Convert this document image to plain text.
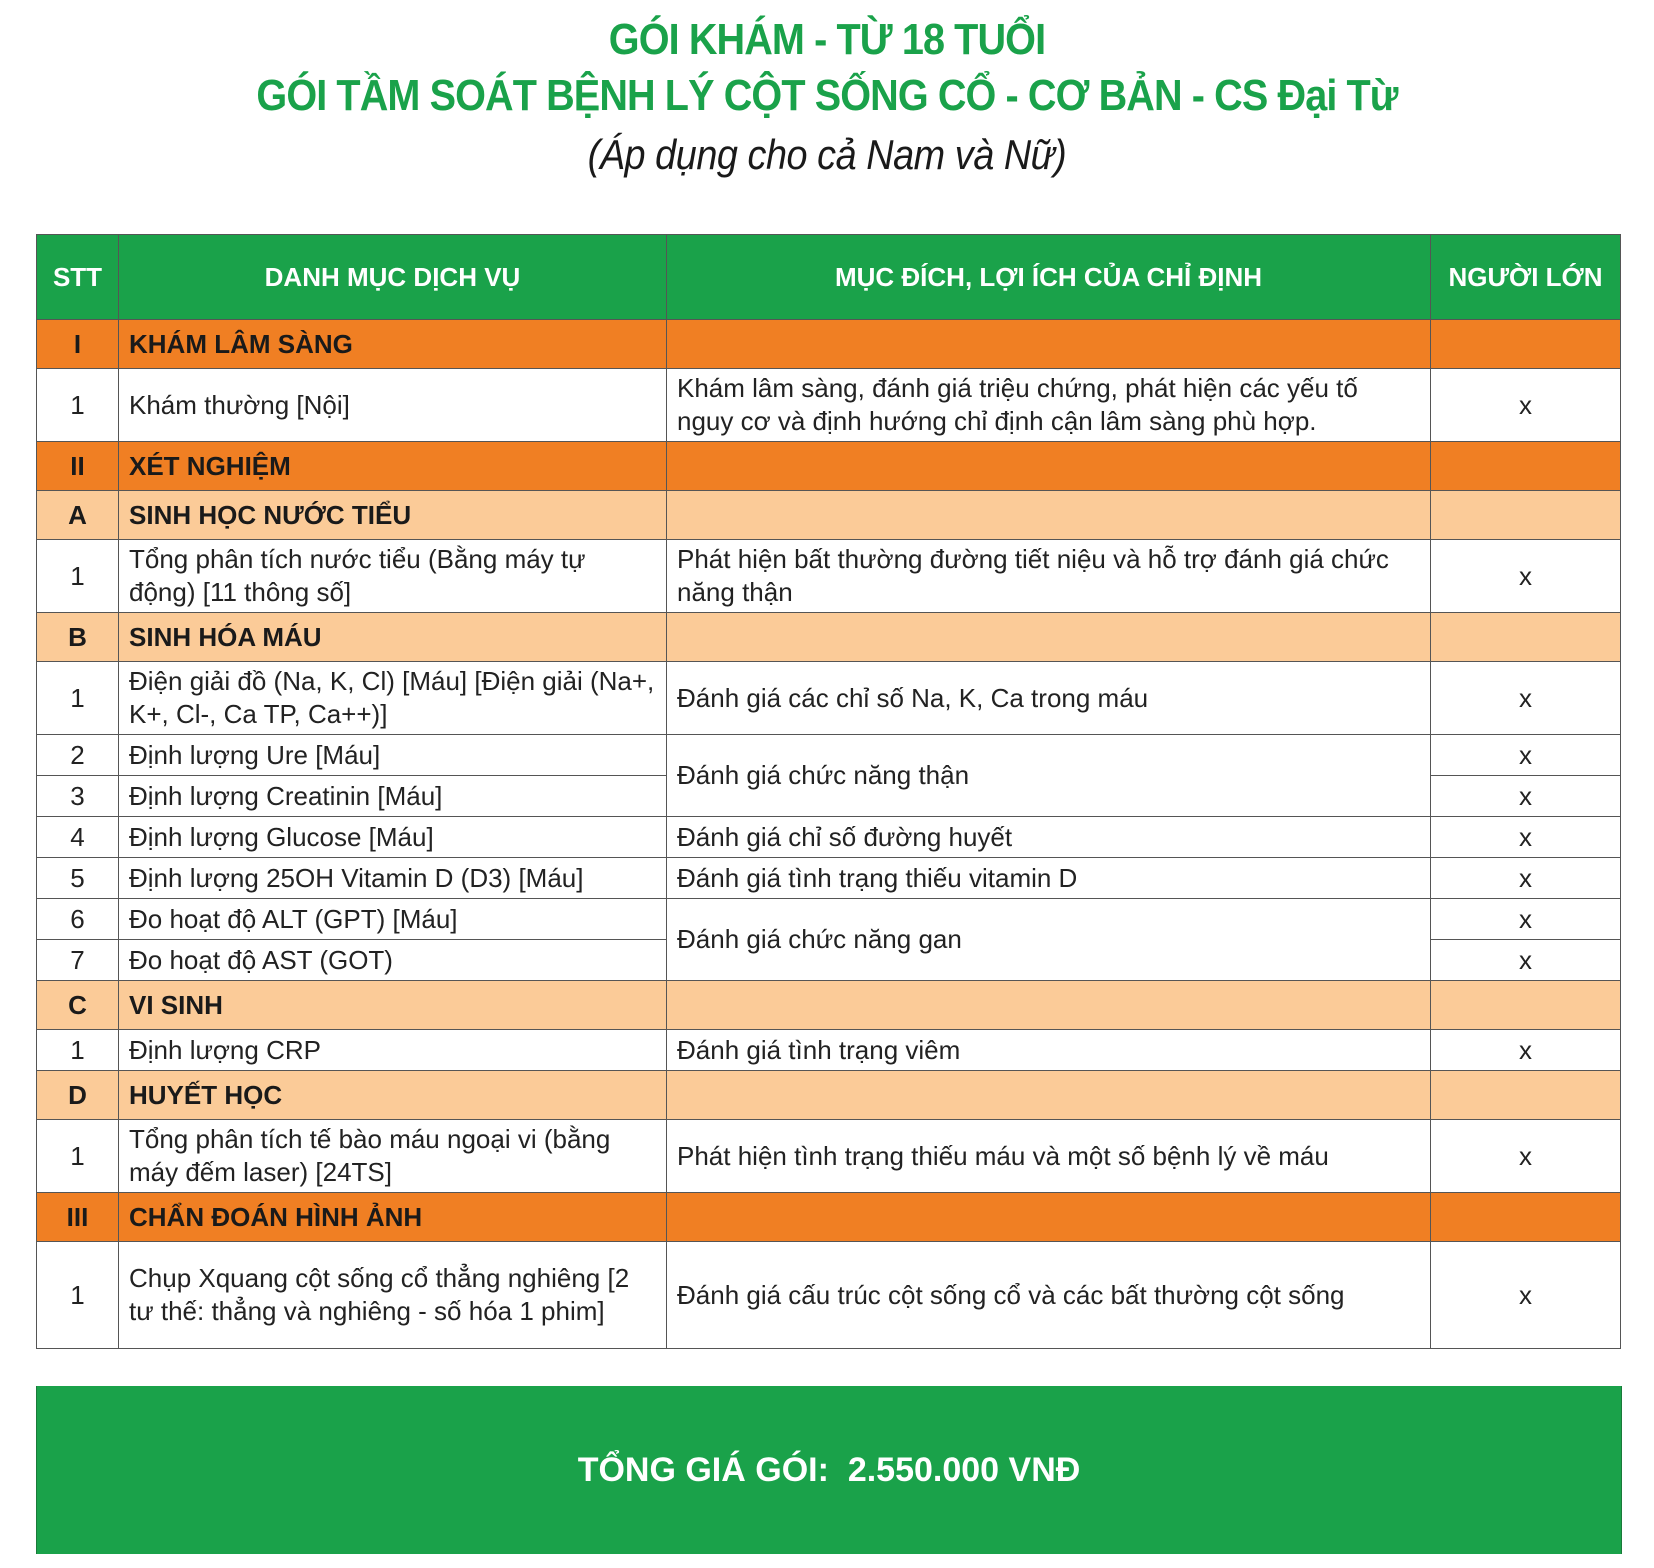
GÓI KHÁM - TỪ 18 TUỔI
GÓI TẦM SOÁT BỆNH LÝ CỘT SỐNG CỔ - CƠ BẢN - CS Đại Từ
(Áp dụng cho cả Nam và Nữ)
STT	DANH MỤC DỊCH VỤ	MỤC ĐÍCH, LỢI ÍCH CỦA CHỈ ĐỊNH	NGƯỜI LỚN
I	KHÁM LÂM SÀNG		
1	Khám thường [Nội]	Khám lâm sàng, đánh giá triệu chứng, phát hiện các yếu tố nguy cơ và định hướng chỉ định cận lâm sàng phù hợp.	x
II	XÉT NGHIỆM		
A	SINH HỌC NƯỚC TIỂU		
1	Tổng phân tích nước tiểu (Bằng máy tự động) [11 thông số]	Phát hiện bất thường đường tiết niệu và hỗ trợ đánh giá chức năng thận	x
B	SINH HÓA MÁU		
1	Điện giải đồ (Na, K, Cl) [Máu] [Điện giải (Na+, K+, Cl-, Ca TP, Ca++)]	Đánh giá các chỉ số Na, K, Ca trong máu	x
2	Định lượng Ure [Máu]	Đánh giá chức năng thận	x
3	Định lượng Creatinin [Máu]		x
4	Định lượng Glucose [Máu]	Đánh giá chỉ số đường huyết	x
5	Định lượng 25OH Vitamin D (D3) [Máu]	Đánh giá tình trạng thiếu vitamin D	x
6	Đo hoạt độ ALT (GPT) [Máu]	Đánh giá chức năng gan	x
7	Đo hoạt độ AST (GOT)		x
C	VI SINH		
1	Định lượng CRP	Đánh giá tình trạng viêm	x
D	HUYẾT HỌC		
1	Tổng phân tích tế bào máu ngoại vi (bằng máy đếm laser) [24TS]	Phát hiện tình trạng thiếu máu và một số bệnh lý về máu	x
III	CHẨN ĐOÁN HÌNH ẢNH		
1	Chụp Xquang cột sống cổ thẳng nghiêng [2 tư thế: thẳng và nghiêng - số hóa 1 phim]	Đánh giá cấu trúc cột sống cổ và các bất thường cột sống	x
TỔNG GIÁ GÓI:
2.550.000 VNĐ
